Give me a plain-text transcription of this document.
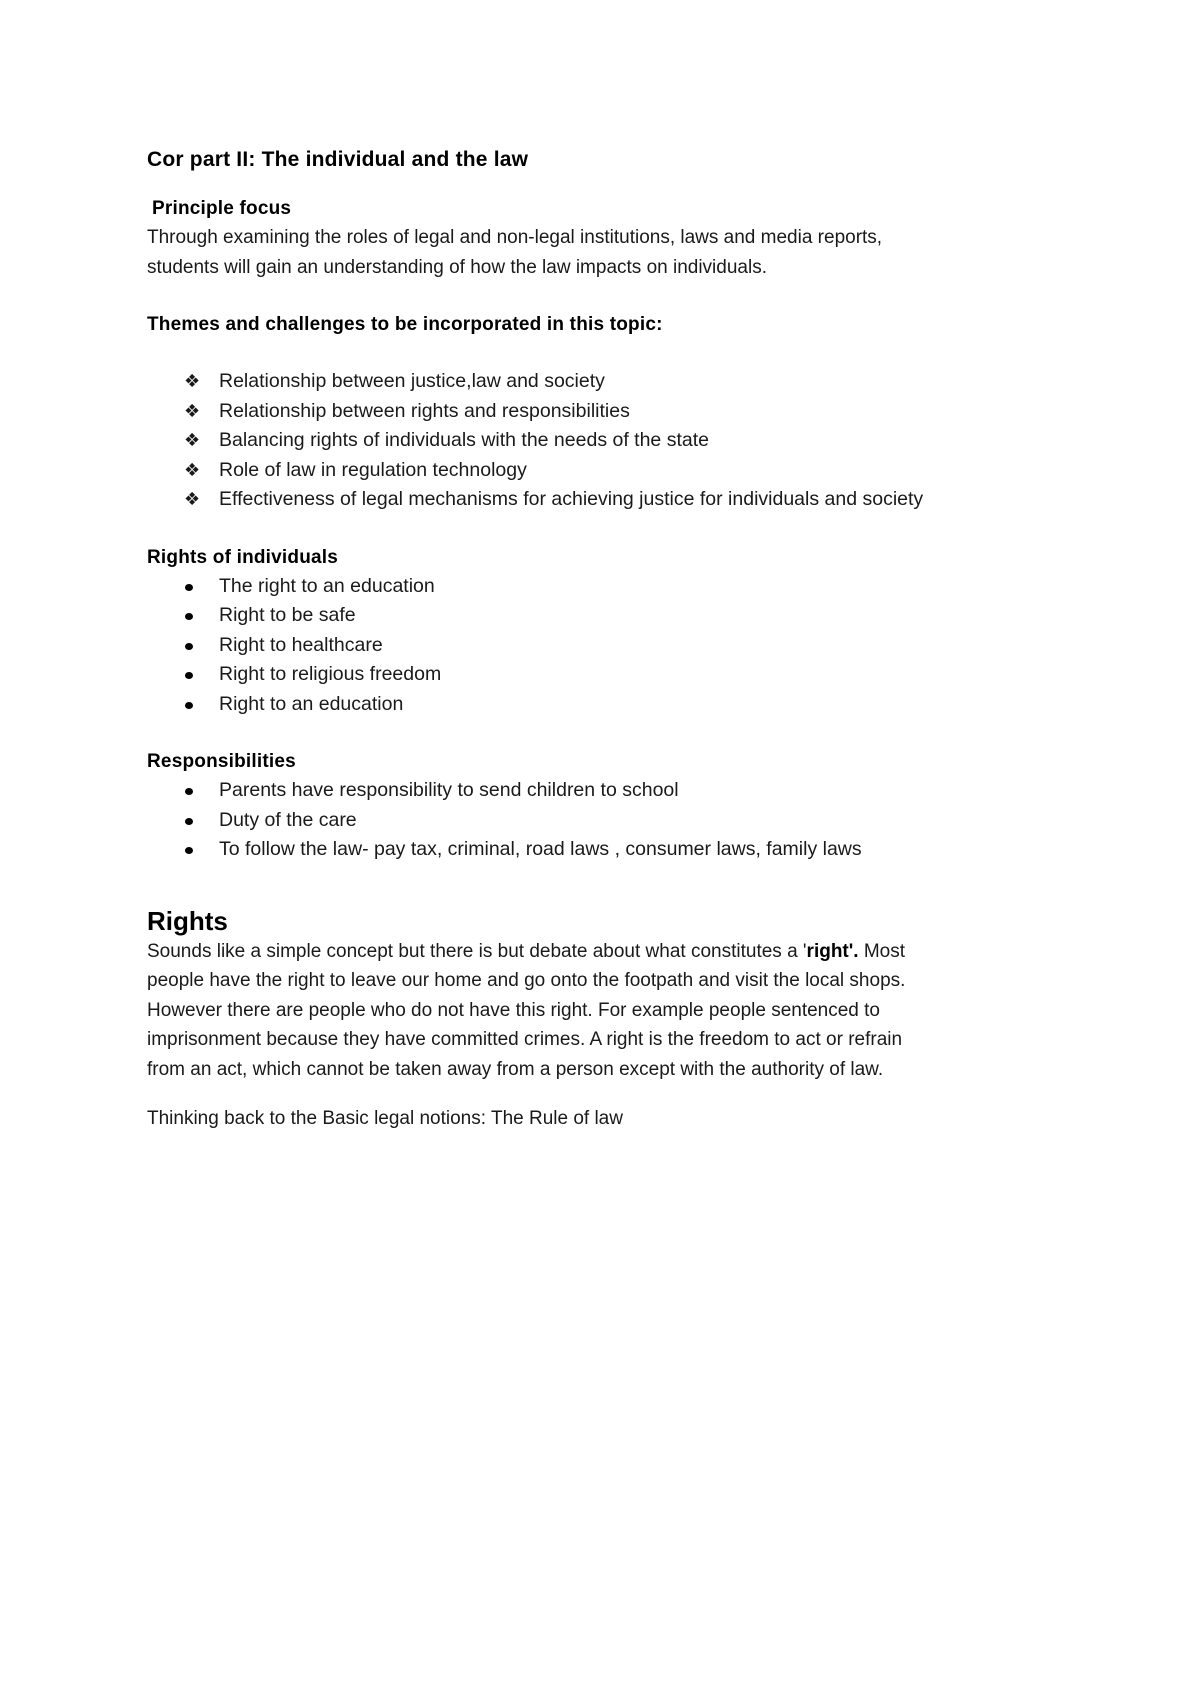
Cor part II: The individual and the law
Principle focus

Through examining the roles of legal and non-legal institutions, laws and media reports,

students will gain an understanding of how the law impacts on individuals.

Themes and challenges to be incorporated in this topic:
❖ Relationship between justice,law and society
❖ Relationship between rights and responsibilities
❖ Balancing rights of individuals with the needs of the state
❖ Role of law in regulation technology
❖ Effectiveness of legal mechanisms for achieving justice for individuals and society
Rights of individuals
The right to an education
Right to be safe
Right to healthcare
Right to religious freedom
Right to an education
Responsibilities
Parents have responsibility to send children to school
Duty of the care
To follow the law- pay tax, criminal, road laws , consumer laws, family laws
Rights

Sounds like a simple concept but there is but debate about what constitutes a 'right'. Most

people have the right to leave our home and go onto the footpath and visit the local shops.

However there are people who do not have this right. For example people sentenced to

imprisonment because they have committed crimes. A right is the freedom to act or refrain

from an act, which cannot be taken away from a person except with the authority of law.

Thinking back to the Basic legal notions: The Rule of law
